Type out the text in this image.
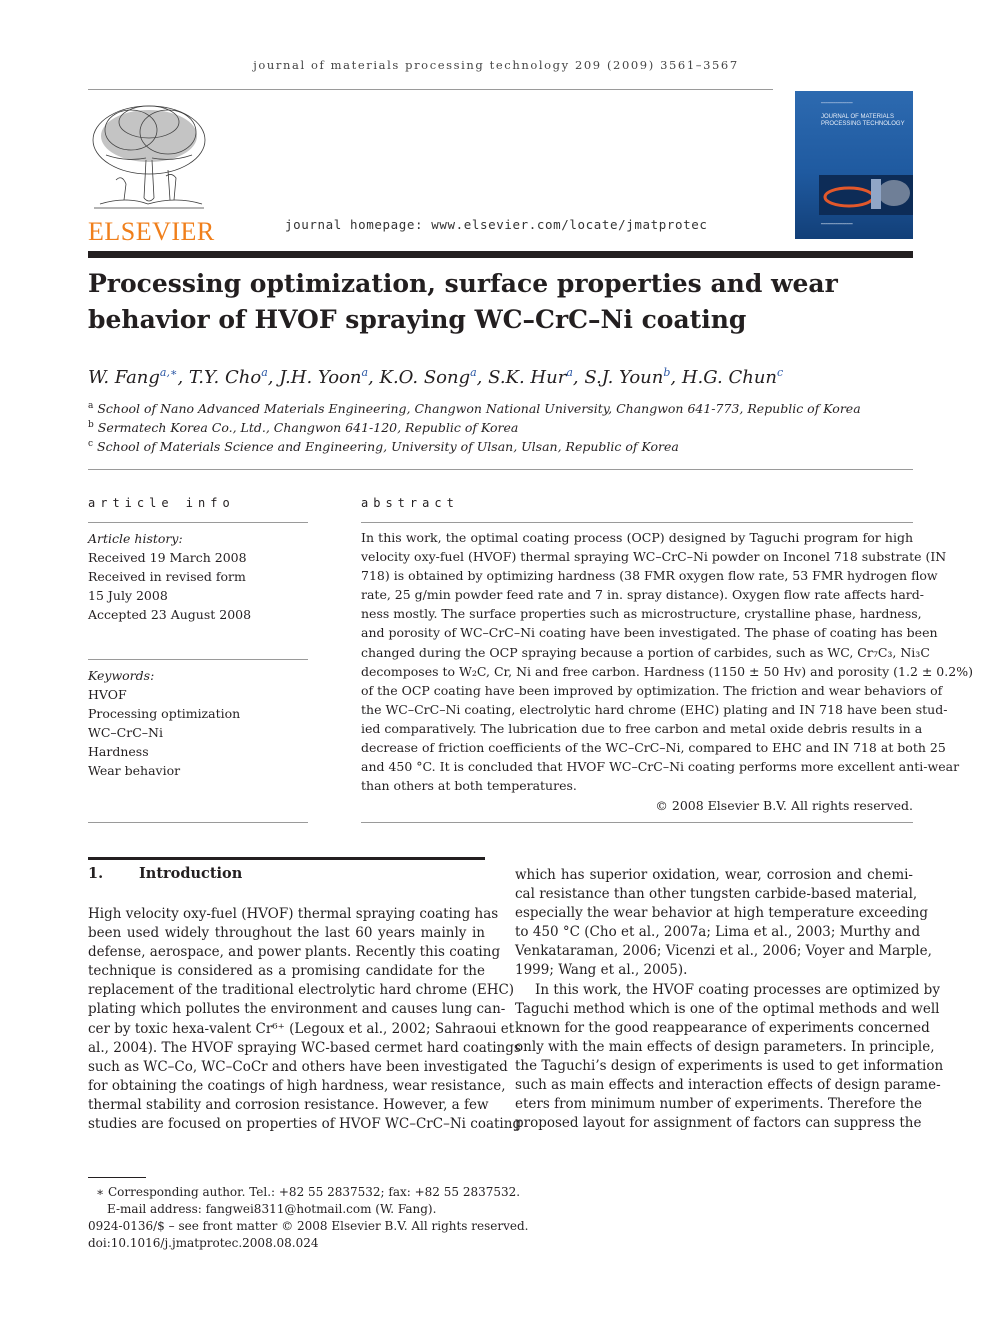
journal of materials processing technology 209 (2009) 3561–3567
ELSEVIER	journal homepage: www.elsevier.com/locate/jmatprotec
━━━━━━━━━━━━━━━
JOURNAL OF MATERIALS PROCESSING TECHNOLOGY
━━━━━━━━━━━━━━━
Processing optimization, surface properties and wear
behavior of HVOF spraying WC–CrC–Ni coating
W. Fang$^{a,∗}$, T.Y. Cho$^a$, J.H. Yoon$^a$, K.O. Song$^a$, S.K. Hur$^a$, S.J. Youn$^b$, H.G. Chun$^c$
$^a$ School of Nano Advanced Materials Engineering, Changwon National University, Changwon 641-773, Republic of Korea
$^b$ Sermatech Korea Co., Ltd., Changwon 641-120, Republic of Korea
$^c$ School of Materials Science and Engineering, University of Ulsan, Ulsan, Republic of Korea
article info
Article history:
Received 19 March 2008
Received in revised form
15 July 2008
Accepted 23 August 2008
Keywords:
HVOF
Processing optimization
WC–CrC–Ni
Hardness
Wear behavior
abstract
In this work, the optimal coating process (OCP) designed by Taguchi program for high
velocity oxy-fuel (HVOF) thermal spraying WC–CrC–Ni powder on Inconel 718 substrate (IN
718) is obtained by optimizing hardness (38 FMR oxygen flow rate, 53 FMR hydrogen flow
rate, 25 g/min powder feed rate and 7 in. spray distance). Oxygen flow rate affects hard-
ness mostly. The surface properties such as microstructure, crystalline phase, hardness,
and porosity of WC–CrC–Ni coating have been investigated. The phase of coating has been
changed during the OCP spraying because a portion of carbides, such as WC, Cr₇C₃, Ni₃C
decomposes to W₂C, Cr, Ni and free carbon. Hardness (1150 ± 50 Hv) and porosity (1.2 ± 0.2%)
of the OCP coating have been improved by optimization. The friction and wear behaviors of
the WC–CrC–Ni coating, electrolytic hard chrome (EHC) plating and IN 718 have been stud-
ied comparatively. The lubrication due to free carbon and metal oxide debris results in a
decrease of friction coefficients of the WC–CrC–Ni, compared to EHC and IN 718 at both 25
and 450 °C. It is concluded that HVOF WC–CrC–Ni coating performs more excellent anti-wear
than others at both temperatures.
© 2008 Elsevier B.V. All rights reserved.
1. Introduction
High velocity oxy-fuel (HVOF) thermal spraying coating has
been used widely throughout the last 60 years mainly in
defense, aerospace, and power plants. Recently this coating
technique is considered as a promising candidate for the
replacement of the traditional electrolytic hard chrome (EHC)
plating which pollutes the environment and causes lung can-
cer by toxic hexa-valent Cr⁶⁺ (Legoux et al., 2002; Sahraoui et
al., 2004). The HVOF spraying WC-based cermet hard coatings
such as WC–Co, WC–CoCr and others have been investigated
for obtaining the coatings of high hardness, wear resistance,
thermal stability and corrosion resistance. However, a few
studies are focused on properties of HVOF WC–CrC–Ni coating
which has superior oxidation, wear, corrosion and chemi-
cal resistance than other tungsten carbide-based material,
especially the wear behavior at high temperature exceeding
to 450 °C (Cho et al., 2007a; Lima et al., 2003; Murthy and
Venkataraman, 2006; Vicenzi et al., 2006; Voyer and Marple,
1999; Wang et al., 2005).
In this work, the HVOF coating processes are optimized by
Taguchi method which is one of the optimal methods and well
known for the good reappearance of experiments concerned
only with the main effects of design parameters. In principle,
the Taguchi’s design of experiments is used to get information
such as main effects and interaction effects of design parame-
eters from minimum number of experiments. Therefore the
proposed layout for assignment of factors can suppress the
∗ Corresponding author. Tel.: +82 55 2837532; fax: +82 55 2837532.
E-mail address: fangwei8311@hotmail.com (W. Fang).
0924-0136/$ – see front matter © 2008 Elsevier B.V. All rights reserved.
doi:10.1016/j.jmatprotec.2008.08.024
